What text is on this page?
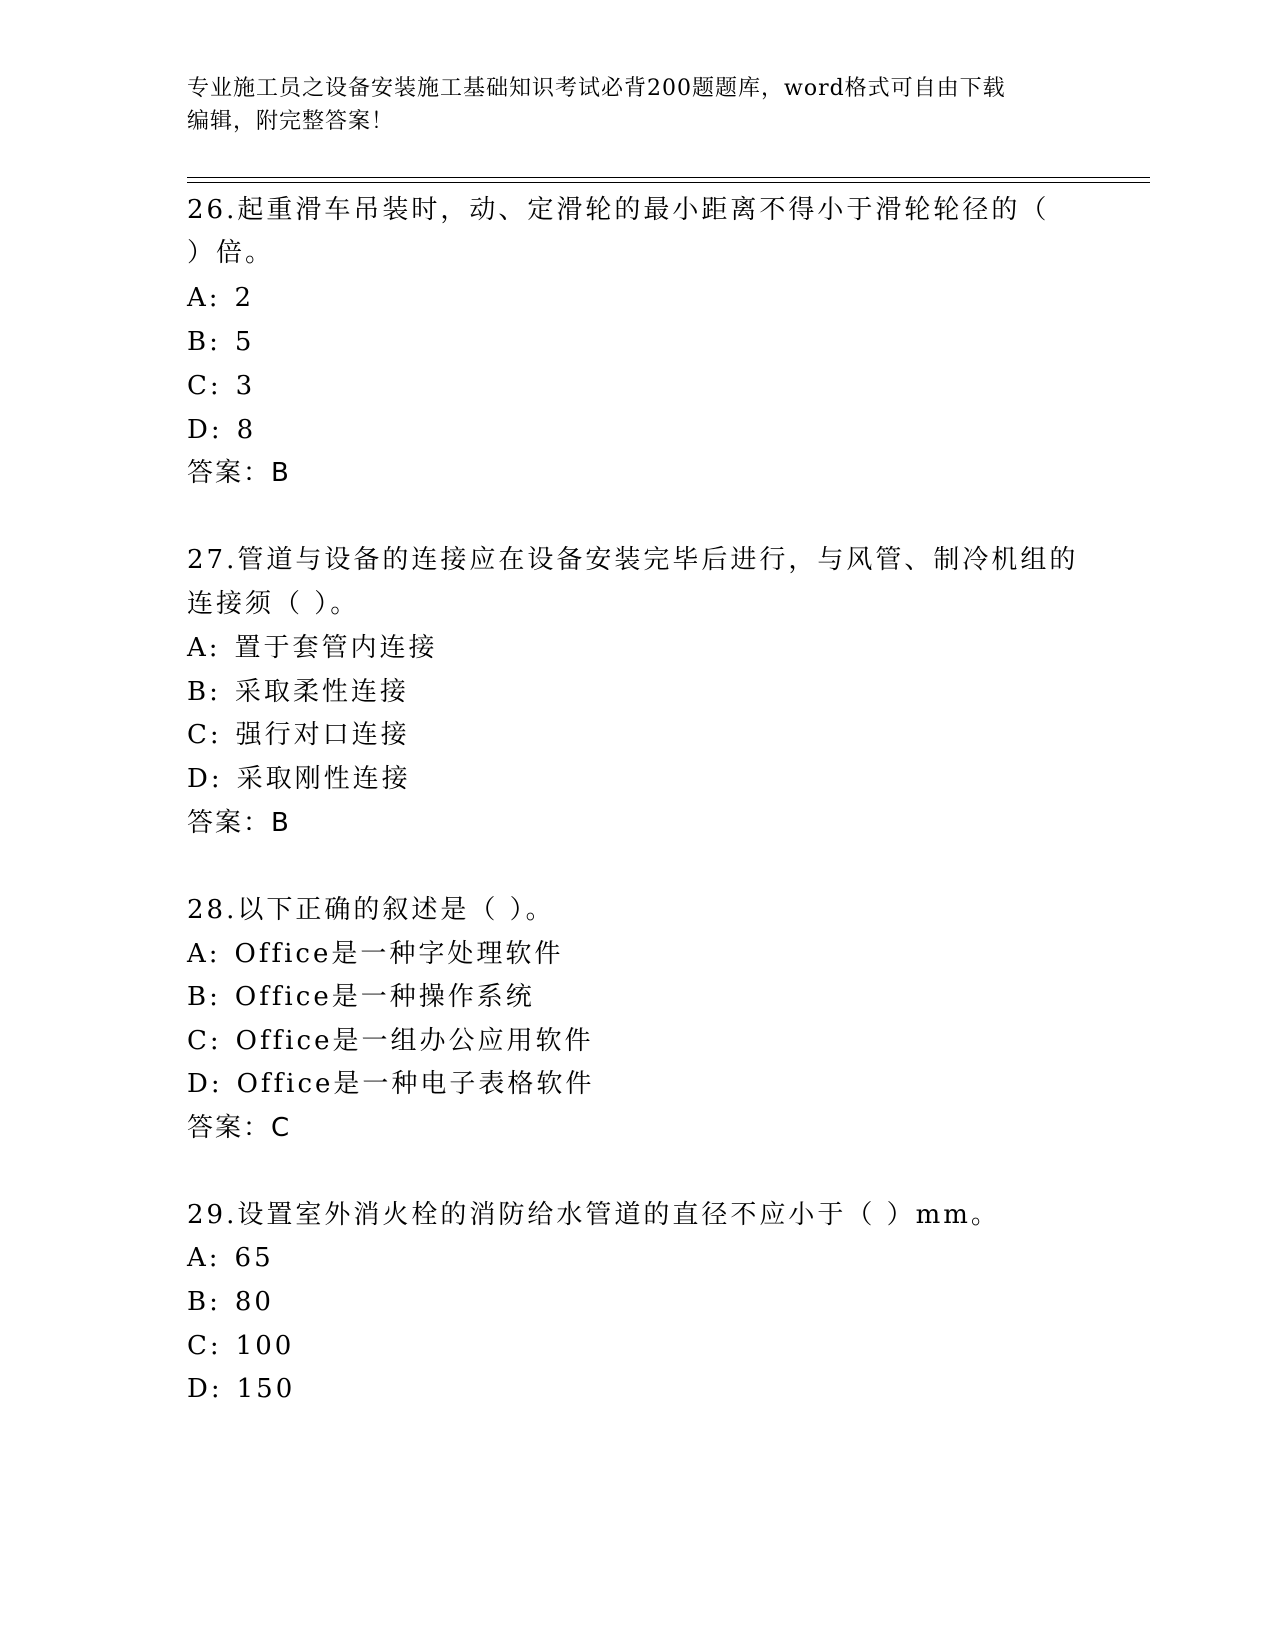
专业施工员之设备安装施工基础知识考试必背200题题库，word格式可自由下载
编辑，附完整答案！
26.起重滑车吊装时，动、定滑轮的最小距离不得小于滑轮轮径的（
）倍。
A: 2
B: 5
C: 3
D: 8
答案：B
27.管道与设备的连接应在设备安装完毕后进行，与风管、制冷机组的
连接须（ ）。
A: 置于套管内连接
B: 采取柔性连接
C: 强行对口连接
D: 采取刚性连接
答案：B
28.以下正确的叙述是（ ）。
A: Office是一种字处理软件
B: Office是一种操作系统
C: Office是一组办公应用软件
D: Office是一种电子表格软件
答案：C
29.设置室外消火栓的消防给水管道的直径不应小于（ ）mm。
A: 65
B: 80
C: 100
D: 150
